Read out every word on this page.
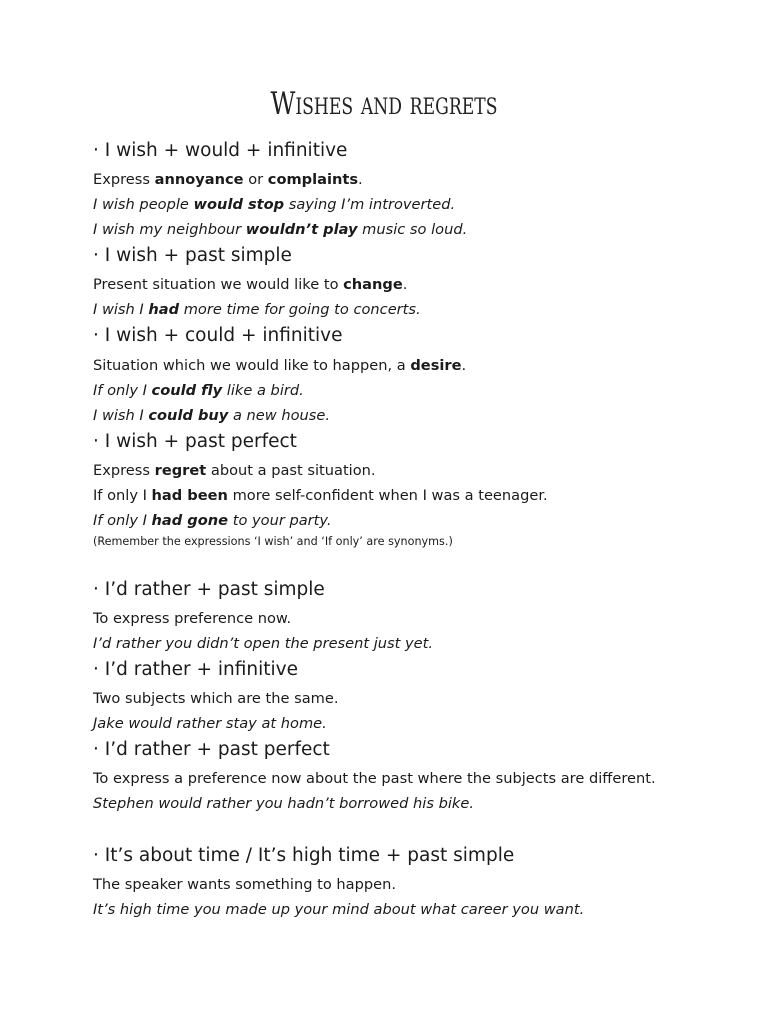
Wishes and regrets
· I wish + would + infinitive
Express annoyance or complaints.
I wish people would stop saying I’m introverted.
I wish my neighbour wouldn’t play music so loud.
· I wish + past simple
Present situation we would like to change.
I wish I had more time for going to concerts.
· I wish + could + infinitive
Situation which we would like to happen, a desire.
If only I could fly like a bird.
I wish I could buy a new house.
· I wish + past perfect
Express regret about a past situation.
If only I had been more self-confident when I was a teenager.
If only I had gone to your party.
(Remember the expressions ‘I wish’ and ‘If only’ are synonyms.)
· I’d rather + past simple
To express preference now.
I’d rather you didn’t open the present just yet.
· I’d rather + infinitive
Two subjects which are the same.
Jake would rather stay at home.
· I’d rather + past perfect
To express a preference now about the past where the subjects are different.
Stephen would rather you hadn’t borrowed his bike.
· It’s about time / It’s high time + past simple
The speaker wants something to happen.
It’s high time you made up your mind about what career you want.
